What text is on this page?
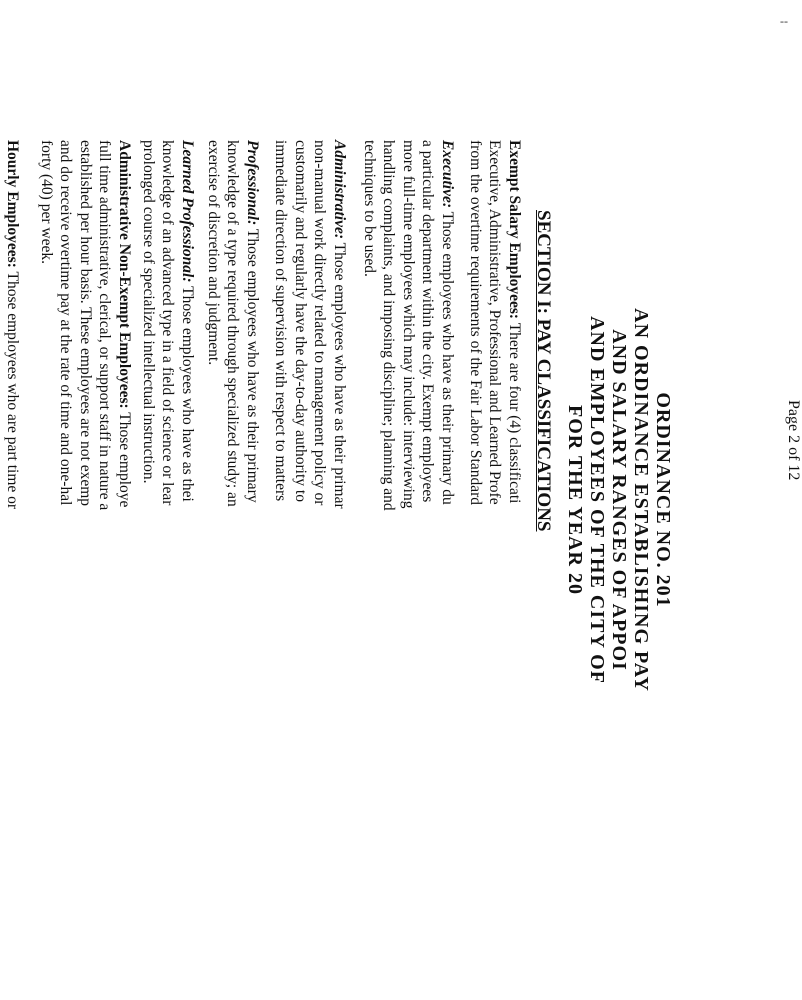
--
ORDINANCE NO. 201
AN ORDINANCE ESTABLISHING PAY
AND SALARY RANGES OF APPOI
AND EMPLOYEES OF THE CITY OF
FOR THE YEAR 20
SECTION I: PAY CLASSIFICATIONS
Exempt Salary Employees: There are four (4) classificati
Executive, Administrative, Professional and Learned Profe
from the overtime requirements of the Fair Labor Standard
Executive: Those employees who have as their primary du
a particular department within the city. Exempt employees
more full-time employees which may include: interviewing
handling complaints, and imposing discipline; planning and
techniques to be used.
Administrative: Those employees who have as their primar
non-manual work directly related to management policy or
customarily and regularly have the day-to-day authority to
immediate direction of supervision with respect to matters
Professional: Those employees who have as their primary
knowledge of a type required through specialized study; an
exercise of discretion and judgment.
Learned Professional: Those employees who have as thei
knowledge of an advanced type in a field of science or lear
prolonged course of specialized intellectual instruction.
Administrative Non-Exempt Employees: Those employe
full time administrative, clerical, or support staff in nature a
established per hour basis. These employees are not exemp
and do receive overtime pay at the rate of time and one-hal
forty (40) per week.
Hourly Employees: Those employees who are part time or	Page 2 of 12
